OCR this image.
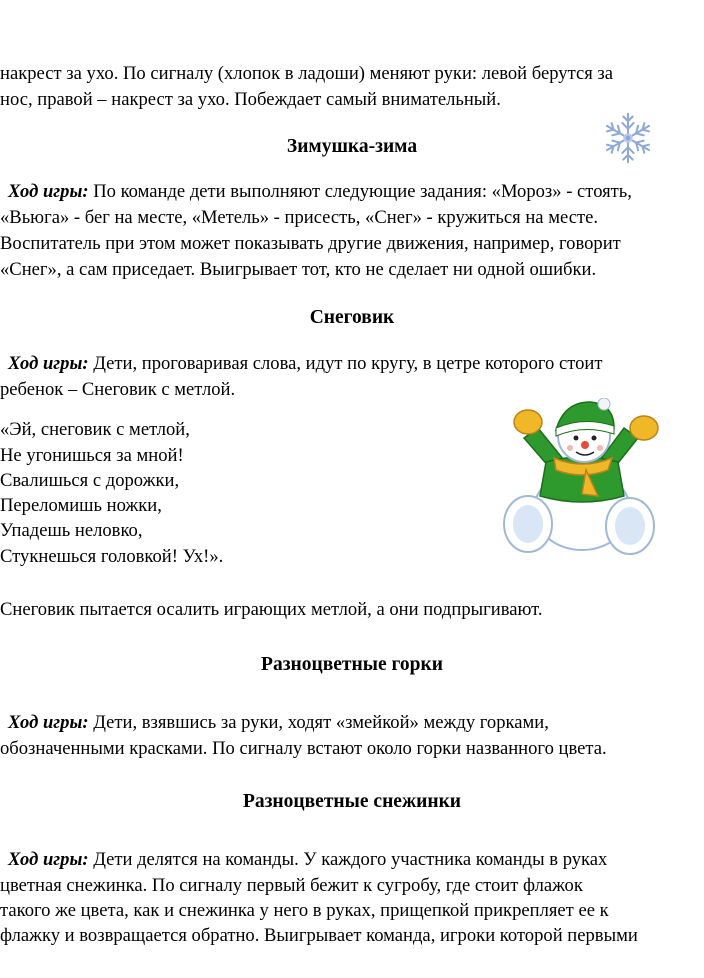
накрест за ухо. По сигналу (хлопок в ладоши) меняют руки: левой берутся за
нос, правой – накрест за ухо. Побеждает самый внимательный.
Зимушка-зима
Ход игры: По команде дети выполняют следующие задания: «Мороз» - стоять,
«Вьюга» - бег на месте, «Метель» - присесть, «Снег» - кружиться на месте.
Воспитатель при этом может показывать другие движения, например, говорит
«Снег», а сам приседает. Выигрывает тот, кто не сделает ни одной ошибки.
Снеговик
Ход игры: Дети, проговаривая слова, идут по кругу, в цетре которого стоит
ребенок – Снеговик с метлой.
«Эй, снеговик с метлой,
Не угонишься за мной!
Свалишься с дорожки,
Переломишь ножки,
Упадешь неловко,
Стукнешься головкой! Ух!».
Снеговик пытается осалить играющих метлой, а они подпрыгивают.
Разноцветные горки
Ход игры: Дети, взявшись за руки, ходят «змейкой» между горками,
обозначенными красками. По сигналу встают около горки названного цвета.
Разноцветные снежинки
Ход игры: Дети делятся на команды. У каждого участника команды в руках
цветная снежинка. По сигналу первый бежит к сугробу, где стоит флажок
такого же цвета, как и снежинка у него в руках, прищепкой прикрепляет ее к
флажку и возвращается обратно. Выигрывает команда, игроки которой первыми
